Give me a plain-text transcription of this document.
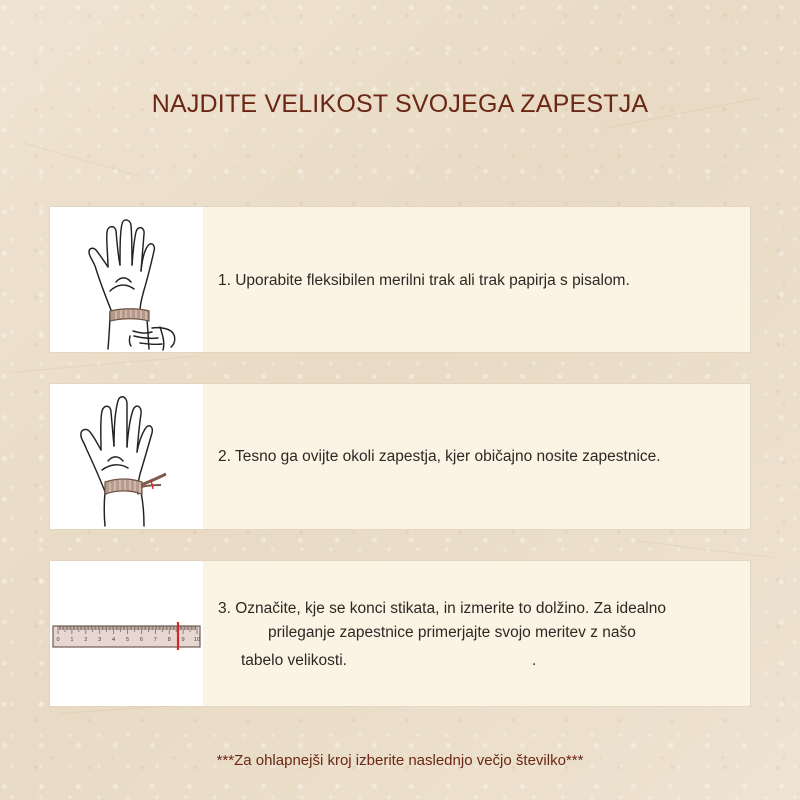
NAJDITE VELIKOST SVOJEGA ZAPESTJA

1. Uporabite fleksibilen merilni trak ali trak papirja s pisalom.

2. Tesno ga ovijte okoli zapestja, kjer običajno nosite zapestnice.

0 1 2 3 4 5 6 7 8 9 10
3. Označite, kje se konci stikata, in izmerite to dolžino. Za idealno
prileganje zapestnice primerjajte svojo meritev z našo
tabelo velikosti.	.

***Za ohlapnejši kroj izberite naslednjo večjo številko***
